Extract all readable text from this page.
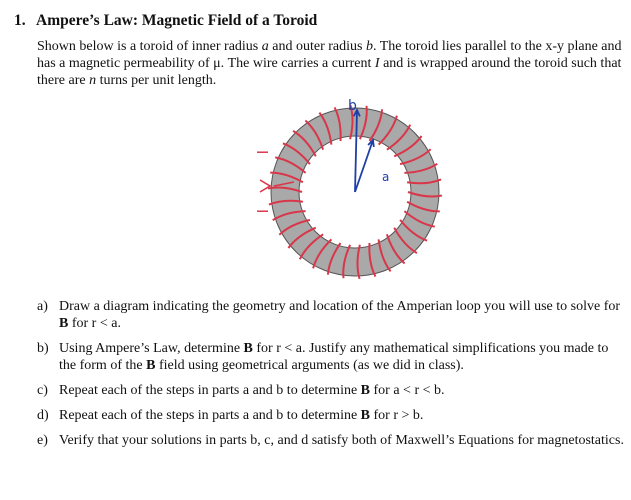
1. Ampere’s Law: Magnetic Field of a Toroid
Shown below is a toroid of inner radius a and outer radius b. The toroid lies parallel to the x-y plane and has a magnetic permeability of μ. The wire carries a current I and is wrapped around the toroid such that there are n turns per unit length.
b
a
I
I
a) Draw a diagram indicating the geometry and location of the Amperian loop you will use to solve for B for r < a.
b) Using Ampere’s Law, determine B for r < a. Justify any mathematical simplifications you made to the form of the B field using geometrical arguments (as we did in class).
c) Repeat each of the steps in parts a and b to determine B for a < r < b.
d) Repeat each of the steps in parts a and b to determine B for r > b.
e) Verify that your solutions in parts b, c, and d satisfy both of Maxwell’s Equations for magnetostatics.
